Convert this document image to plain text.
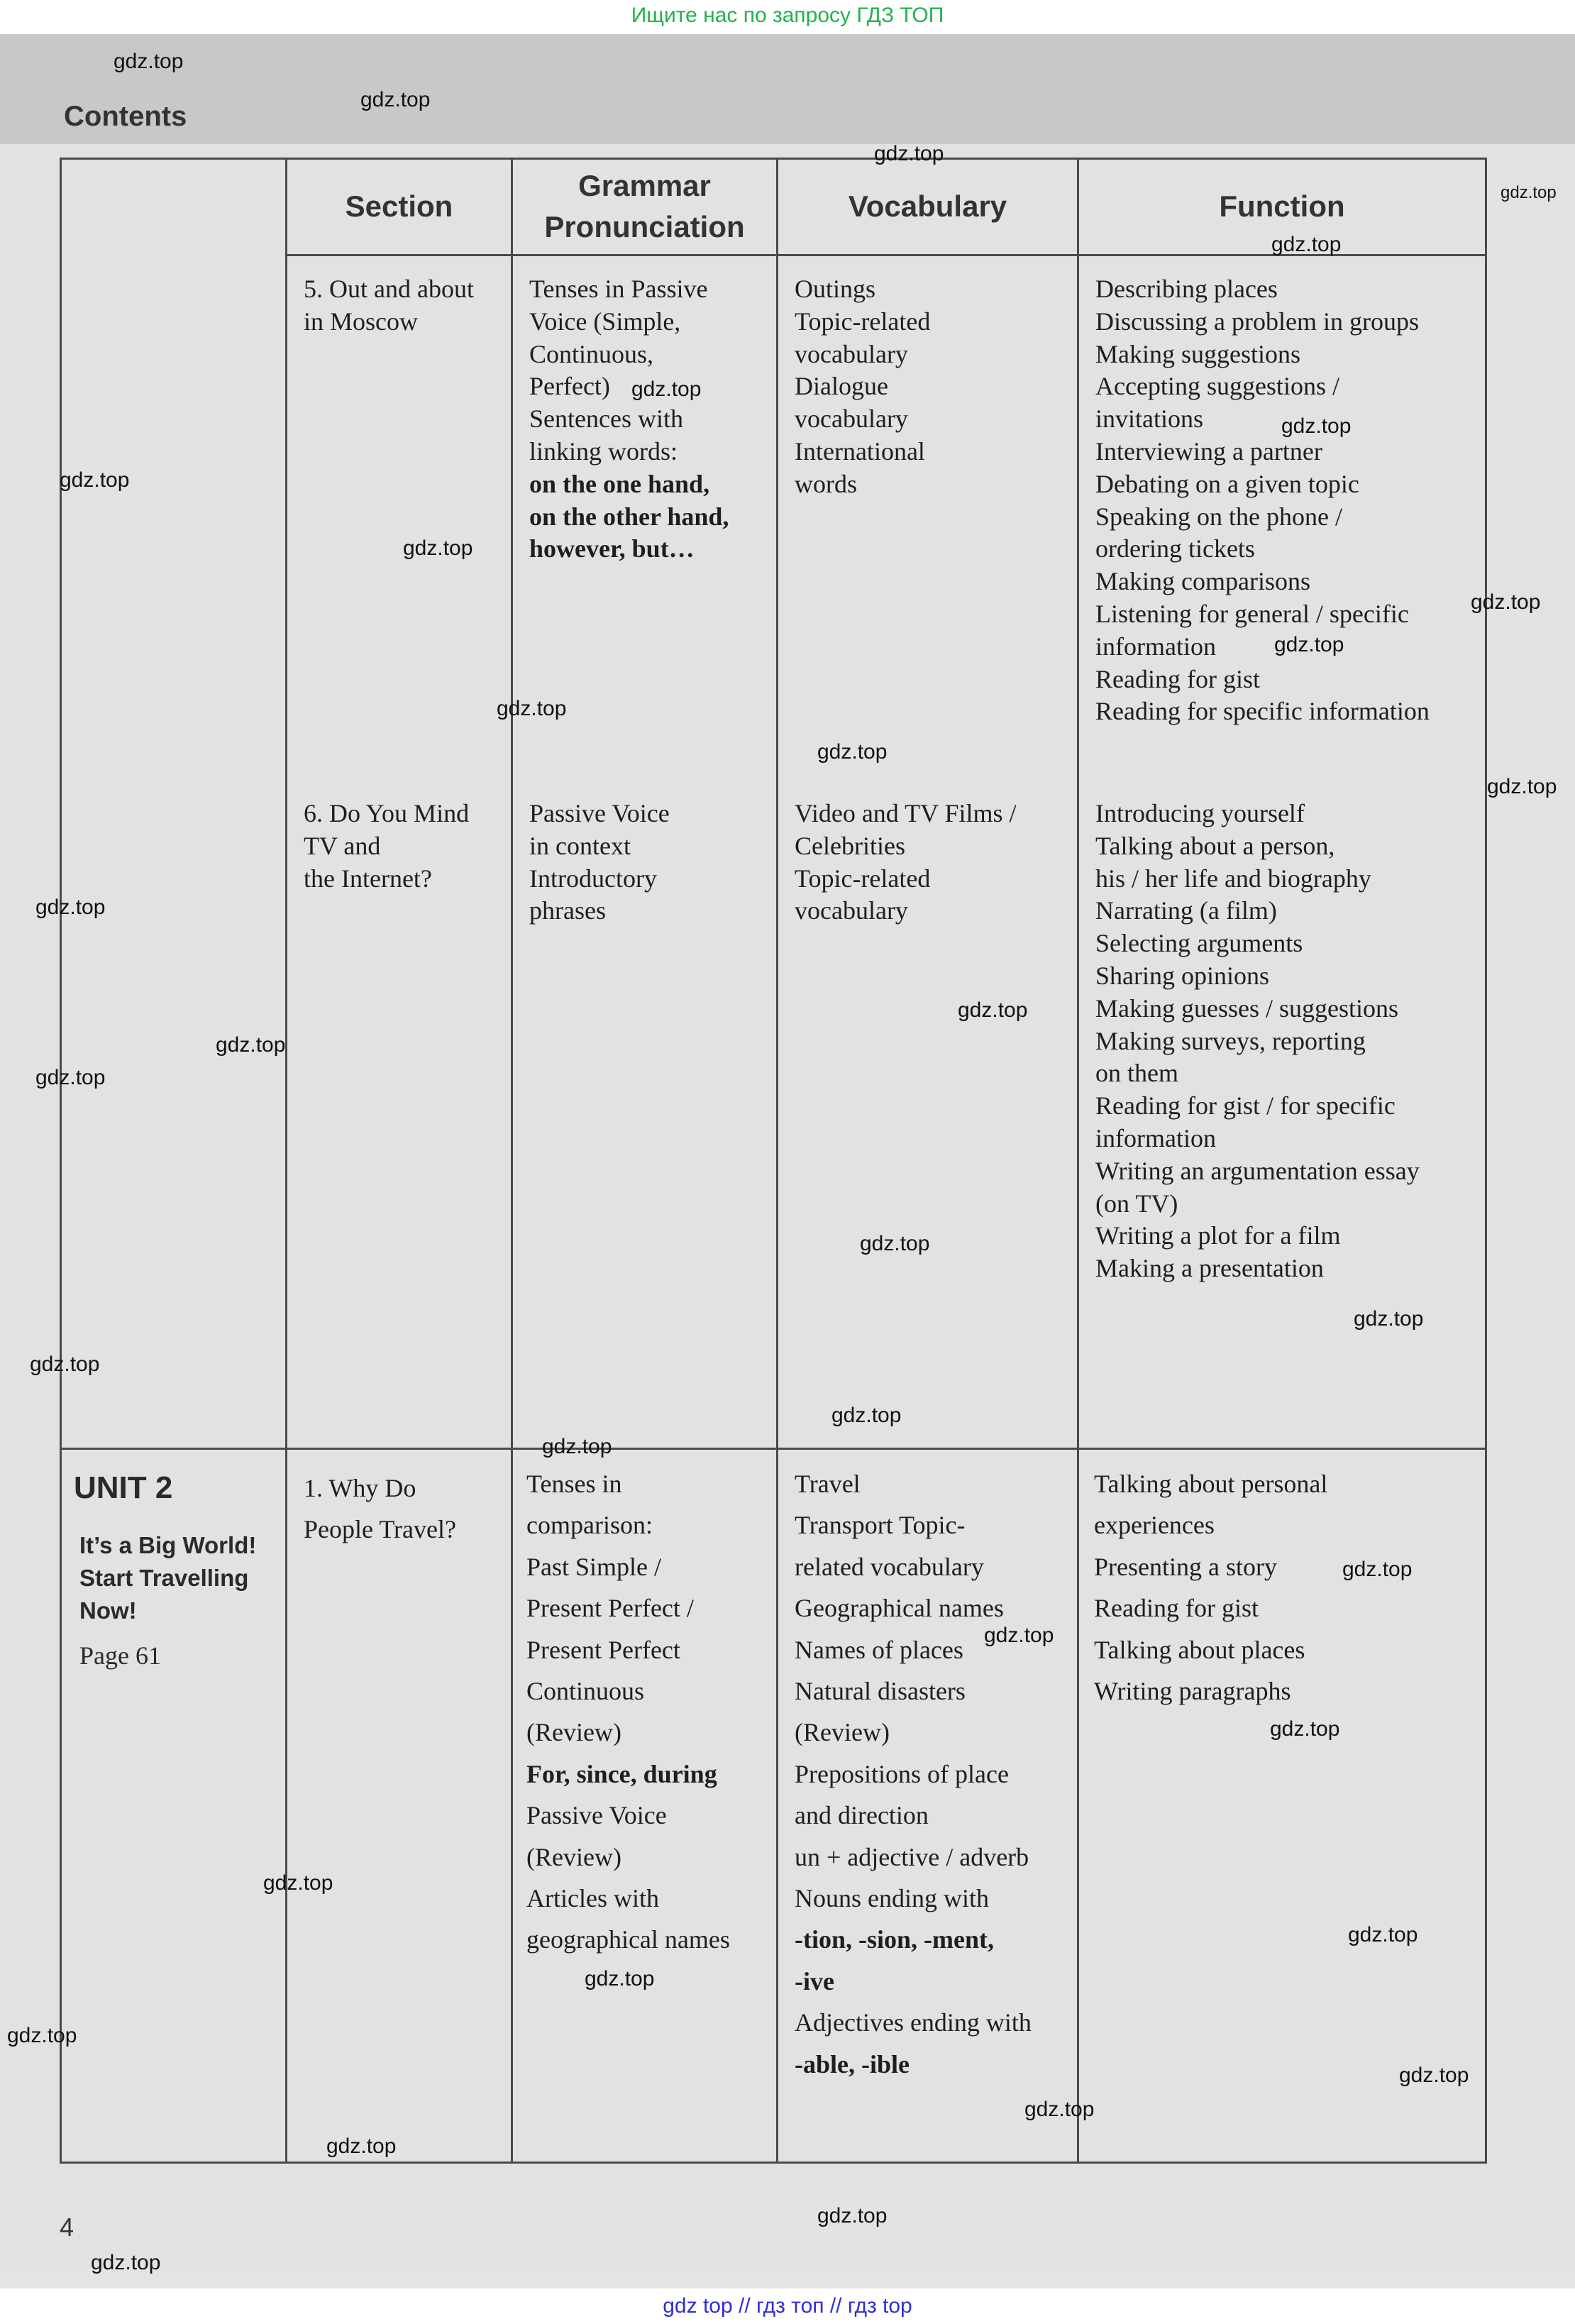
Ищите нас по запросу ГДЗ ТОП
Contents
Section
Grammar
Pronunciation
Vocabulary	Function
5. Out and about
in Moscow

Tenses in Passive

Voice (Simple,

Continuous,

Perfect)

Sentences with

linking words:

on the one hand,

on the other hand,

however, but…

Outings

Topic-related

vocabulary

Dialogue

vocabulary

International

words

Describing places

Discussing a problem in groups

Making suggestions

Accepting suggestions /

invitations

Interviewing a partner

Debating on a given topic

Speaking on the phone /

ordering tickets

Making comparisons

Listening for general / specific

information

Reading for gist

Reading for specific information

6. Do You Mind
TV and
the Internet?

Passive Voice

in context

Introductory

phrases

Video and TV Films /

Celebrities

Topic-related

vocabulary

Introducing yourself

Talking about a person,

his / her life and biography

Narrating (a film)

Selecting arguments

Sharing opinions

Making guesses / suggestions

Making surveys, reporting

on them

Reading for gist / for specific

information

Writing an argumentation essay

(on TV)

Writing a plot for a film

Making a presentation

UNIT 2
It’s a Big World!
Start Travelling
Now!
Page 61
1. Why Do
People Travel?

Tenses in

comparison:

Past Simple /

Present Perfect /

Present Perfect

Continuous

(Review)

For, since, during

Passive Voice

(Review)

Articles with

geographical names

Travel

Transport Topic-

related vocabulary

Geographical names

Names of places

Natural disasters

(Review)

Prepositions of place

and direction

un + adjective / adverb

Nouns ending with

-tion, -sion, -ment,

-ive

Adjectives ending with

-able, -ible

Talking about personal

experiences

Presenting a story

Reading for gist

Talking about places

Writing paragraphs

4
gdz.top
gdz.top
gdz.top
gdz.top
gdz.top
gdz.top
gdz.top
gdz.top
gdz.top
gdz.top
gdz.top
gdz.top
gdz.top
gdz.top
gdz.top
gdz.top
gdz.top
gdz.top
gdz.top
gdz.top
gdz.top
gdz.top
gdz.top
gdz.top
gdz.top
gdz.top
gdz.top
gdz.top
gdz.top
gdz.top
gdz.top
gdz.top
gdz.top
gdz.top
gdz.top
gdz top // гдз топ // гдз top
